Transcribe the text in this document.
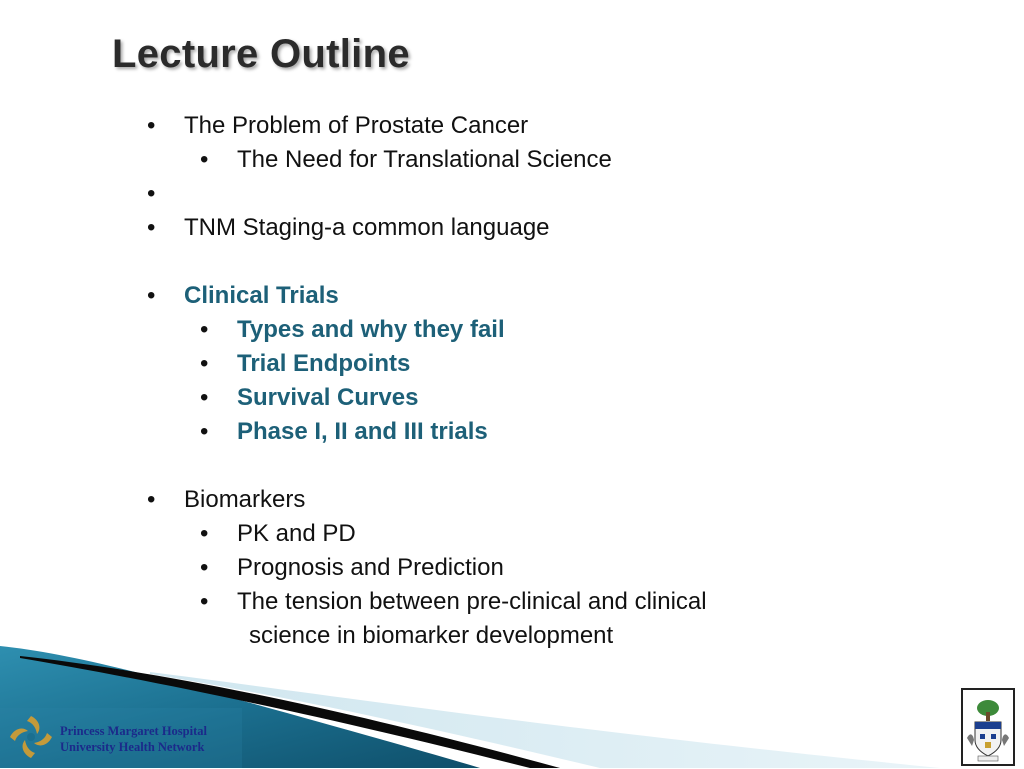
Lecture Outline
• The Problem of Prostate Cancer
• The Need for Translational Science
•
• TNM Staging-a common language
• Clinical Trials
• Types and why they fail
• Trial Endpoints
• Survival Curves
• Phase I, II and III trials
• Biomarkers
• PK and PD
• Prognosis and Prediction
• The tension between pre-clinical and clinical
science in biomarker development
Princess Margaret Hospital
University Health Network
